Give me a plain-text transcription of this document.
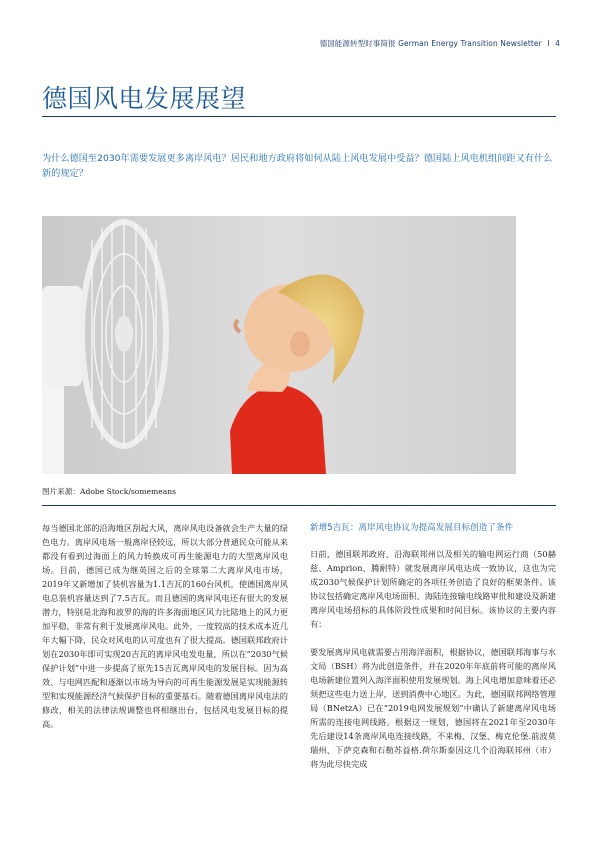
德国能源转型时事简报 German Energy Transition Newsletter I 4
德国风电发展展望

为什么德国至2030年需要发展更多离岸风电？居民和地方政府将如何从陆上风电发展中受益？德国陆上风电机组间距又有什么新的规定？

图片来源：Adobe Stock/somemeans

每当德国北部的沿海地区刮起大风，离岸风电设备就会生产大量的绿色电力。离岸风电场一般离岸径较远，所以大部分普通民众可能从来都没有看到过海面上的风力转换成可再生能源电力的大型离岸风电场。目前，德国已成为继英国之后的全球第二大离岸风电市场，2019年又新增加了装机容量为1.1吉瓦的160台风机，使德国离岸风电总装机容量达到了7.5吉瓦。而且德国的离岸风电还有很大的发展潜力，特别是北海和波罗的海的许多海面地区风力比陆地上的风力更加平稳，非常有利于发展离岸风电。此外，一度较高的技术成本近几年大幅下降，民众对风电的认可度也有了很大提高。德国联邦政府计划在2030年即可实现20吉瓦的离岸风电发电量，所以在“2030气候保护计划”中进一步提高了原先15吉瓦离岸风电的发展目标。因为高效、与电网匹配和逐渐以市场为导向的可再生能源发展是实现能源转型和实现能源经济气候保护目标的重要基石。随着德国离岸风电法的修改，相关的法律法规调整也将相继出台，包括风电发展目标的提高。

新增5吉瓦：离岸风电协议为提高发展目标创造了条件

日前，德国联邦政府、沿海联邦州以及相关的输电网运行商（50赫兹、Amprion、腾耐特）就发展离岸风电达成一致协议，这也为完成2030气候保护计划所确定的各项任务创造了良好的框架条件。该协议包括确定离岸风电场面积、海陆连接输电线路审批和建设及新建离岸风电场招标的具体阶段性成果和时间目标。该协议的主要内容有：

要发展离岸风电就需要占用海洋面积，根据协议，德国联邦海事与水文局（BSH）将为此创造条件，并在2020年年底前将可能的离岸风电场新建位置列入海洋面积使用发展规划。海上风电增加意味着还必须把这些电力送上岸，送到消费中心地区。为此，德国联邦网络管理局（BNetzA）已在“2019电网发展规划”中确认了新建离岸风电场所需的连接电网线路。根据这一规划，德国将在2021年至2030年先后建设14条离岸风电连接线路，不来梅、汉堡、梅克伦堡.前波莫瑞州、下萨克森和石勒苏益格.荷尔斯泰因这几个沿海联邦州（市）将为此尽快完成
